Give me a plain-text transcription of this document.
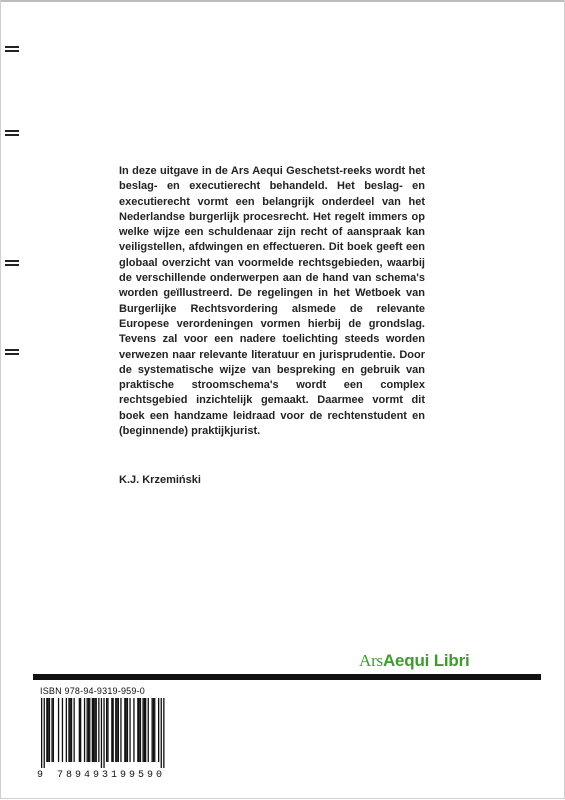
In deze uitgave in de Ars Aequi Geschetst-reeks wordt het beslag- en executierecht behandeld. Het beslag- en executierecht vormt een belangrijk onderdeel van het Nederlandse burgerlijk procesrecht. Het regelt immers op welke wijze een schuldenaar zijn recht of aanspraak kan veiligstellen, afdwingen en effectueren. Dit boek geeft een globaal overzicht van voormelde rechtsgebieden, waarbij de verschillende onderwerpen aan de hand van schema's worden geïllustreerd. De regelingen in het Wetboek van Burgerlijke Rechtsvordering alsmede de relevante Europese verordeningen vormen hierbij de grondslag. Tevens zal voor een nadere toelichting steeds worden verwezen naar relevante literatuur en jurisprudentie. Door de systematische wijze van bespreking en gebruik van praktische stroomschema's wordt een complex rechtsgebied inzichtelijk gemaakt. Daarmee vormt dit boek een handzame leidraad voor de rechtenstudent en (beginnende) praktijkjurist.

K.J. Krzemiński

ArsAequi Libri
ISBN 978-94-9319-959-0
9 789493 199590
